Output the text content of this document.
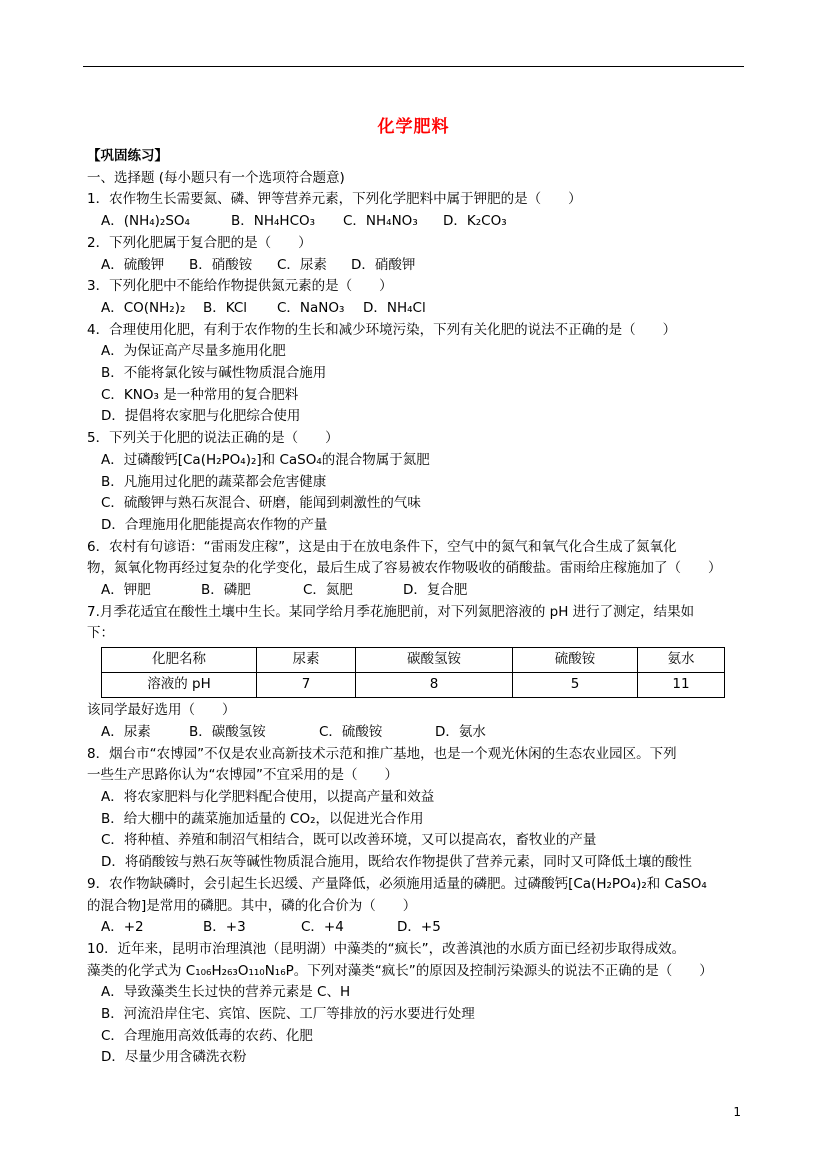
化学肥料
【巩固练习】
一、选择题 (每小题只有一个选项符合题意)
1．农作物生长需要氮、磷、钾等营养元素，下列化学肥料中属于钾肥的是（　　）
A．(NH₄)₂SO₄	B．NH₄HCO₃ C．NH₄NO₃ D．K₂CO₃
2．下列化肥属于复合肥的是（　　）
A．硫酸钾 B．硝酸铵 C．尿素 D．硝酸钾
3．下列化肥中不能给作物提供氮元素的是（　　）
A．CO(NH₂)₂ B．KCl C．NaNO₃ D．NH₄Cl
4．合理使用化肥，有利于农作物的生长和减少环境污染，下列有关化肥的说法不正确的是（　　）
A．为保证高产尽量多施用化肥
B．不能将氯化铵与碱性物质混合施用
C．KNO₃ 是一种常用的复合肥料
D．提倡将农家肥与化肥综合使用
5．下列关于化肥的说法正确的是（　　）
A．过磷酸钙[Ca(H₂PO₄)₂]和 CaSO₄的混合物属于氮肥
B．凡施用过化肥的蔬菜都会危害健康
C．硫酸钾与熟石灰混合、研磨，能闻到刺激性的气味
D．合理施用化肥能提高农作物的产量
6．农村有句谚语：“雷雨发庄稼”，这是由于在放电条件下，空气中的氮气和氧气化合生成了氮氧化
物，氮氧化物再经过复杂的化学变化，最后生成了容易被农作物吸收的硝酸盐。雷雨给庄稼施加了（　　）
A．钾肥	B．磷肥	C．氮肥	D．复合肥
7.月季花适宜在酸性土壤中生长。某同学给月季花施肥前，对下列氮肥溶液的 pH 进行了测定，结果如
下：
化肥名称	尿素	碳酸氢铵	硫酸铵	氨水
溶液的 pH	7	8	5	11
该同学最好选用（　　）
A．尿素	B．碳酸氢铵	C．硫酸铵	D．氨水
8．烟台市“农博园”不仅是农业高新技术示范和推广基地，也是一个观光休闲的生态农业园区。下列
一些生产思路你认为“农博园”不宜采用的是（　　）
A．将农家肥料与化学肥料配合使用，以提高产量和效益
B．给大棚中的蔬菜施加适量的 CO₂，以促进光合作用
C．将种植、养殖和制沼气相结合，既可以改善环境，又可以提高农，畜牧业的产量
D．将硝酸铵与熟石灰等碱性物质混合施用，既给农作物提供了营养元素，同时又可降低土壤的酸性
9．农作物缺磷时，会引起生长迟缓、产量降低，必须施用适量的磷肥。过磷酸钙[Ca(H₂PO₄)₂和 CaSO₄
的混合物]是常用的磷肥。其中，磷的化合价为（　　）
A．+2	B．+3	C．+4	D．+5
10．近年来，昆明市治理滇池（昆明湖）中藻类的“疯长”，改善滇池的水质方面已经初步取得成效。
藻类的化学式为 C₁₀₆H₂₆₃O₁₁₀N₁₆P。下列对藻类“疯长”的原因及控制污染源头的说法不正确的是（　　）
A．导致藻类生长过快的营养元素是 C、H
B．河流沿岸住宅、宾馆、医院、工厂等排放的污水要进行处理
C．合理施用高效低毒的农药、化肥
D．尽量少用含磷洗衣粉
1
